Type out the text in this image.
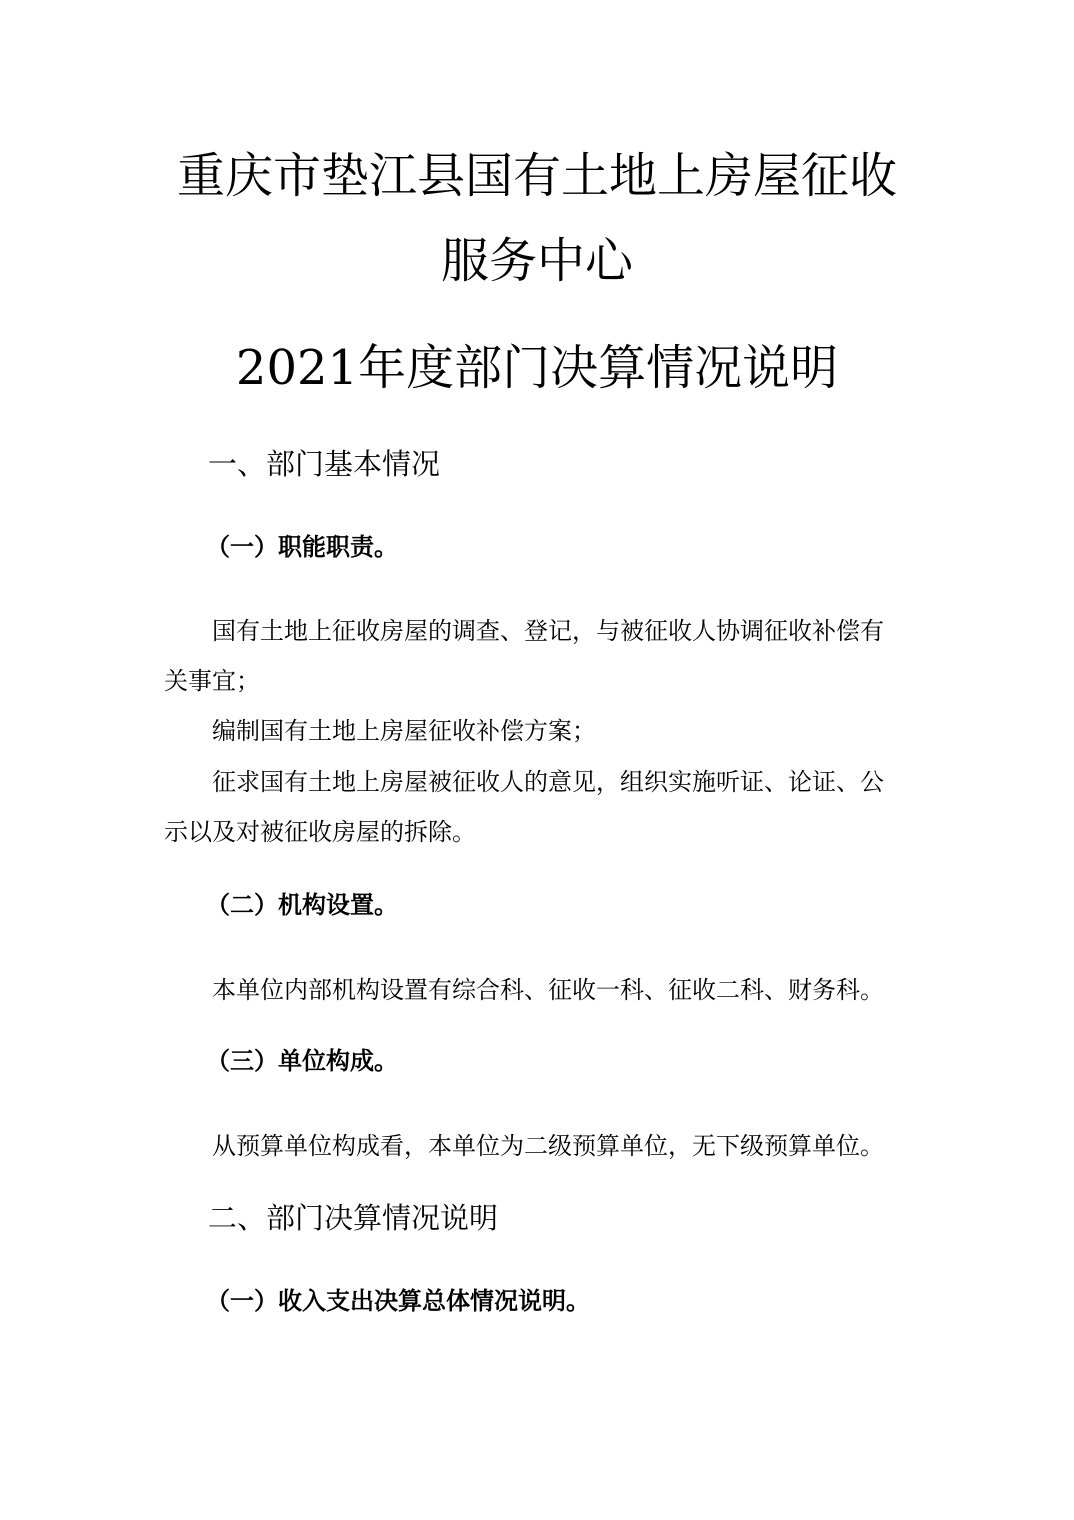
重庆市垫江县国有土地上房屋征收
服务中心
2021年度部门决算情况说明
一、部门基本情况
（一）职能职责。
国有土地上征收房屋的调查、登记，与被征收人协调征收补偿有
关事宜；
编制国有土地上房屋征收补偿方案；
征求国有土地上房屋被征收人的意见，组织实施听证、论证、公
示以及对被征收房屋的拆除。
（二）机构设置。
本单位内部机构设置有综合科、征收一科、征收二科、财务科。
（三）单位构成。
从预算单位构成看，本单位为二级预算单位，无下级预算单位。
二、部门决算情况说明
（一）收入支出决算总体情况说明。
